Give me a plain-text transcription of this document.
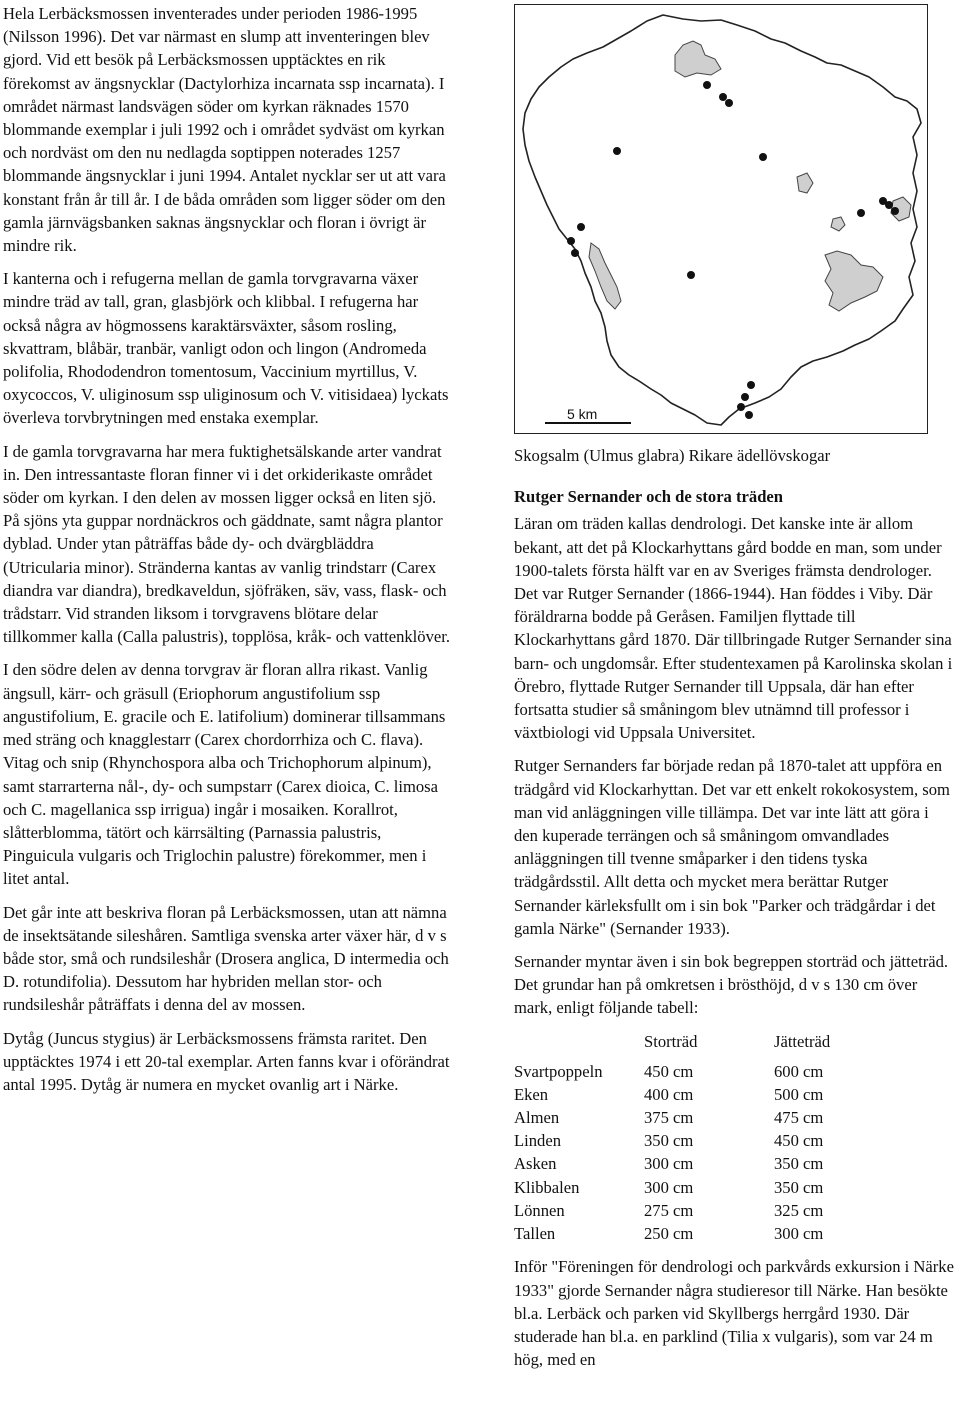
Hela Lerbäcksmossen inventerades under perioden 1986-1995 (Nilsson 1996). Det var närmast en slump att inventeringen blev gjord. Vid ett besök på Lerbäcksmossen upptäcktes en rik förekomst av ängsnycklar (Dactylorhiza incarnata ssp incarnata). I området närmast landsvägen söder om kyrkan räknades 1570 blommande exemplar i juli 1992 och i området sydväst om kyrkan och nordväst om den nu nedlagda soptippen noterades 1257 blommande ängsnycklar i juni 1994. Antalet nycklar ser ut att vara konstant från år till år. I de båda områden som ligger söder om den gamla järnvägsbanken saknas ängsnycklar och floran i övrigt är mindre rik.

I kanterna och i refugerna mellan de gamla torvgravarna växer mindre träd av tall, gran, glasbjörk och klibbal. I refugerna har också några av högmossens karaktärsväxter, såsom rosling, skvattram, blåbär, tranbär, vanligt odon och lingon (Andromeda polifolia, Rhododendron tomentosum, Vaccinium myrtillus, V. oxycoccos, V. uliginosum ssp uliginosum och V. vitisidaea) lyckats överleva torvbrytningen med enstaka exemplar.

I de gamla torvgravarna har mera fuktighetsälskande arter vandrat in. Den intressantaste floran finner vi i det orkiderikaste området söder om kyrkan. I den delen av mossen ligger också en liten sjö. På sjöns yta guppar nordnäckros och gäddnate, samt några plantor dyblad. Under ytan påträffas både dy- och dvärgbläddra (Utricularia minor). Stränderna kantas av vanlig trindstarr (Carex diandra var diandra), bredkaveldun, sjöfräken, säv, vass, flask- och trådstarr. Vid stranden liksom i torvgravens blötare delar tillkommer kalla (Calla palustris), topplösa, kråk- och vattenklöver.

I den södre delen av denna torvgrav är floran allra rikast. Vanlig ängsull, kärr- och gräsull (Eriophorum angustifolium ssp angustifolium, E. gracile och E. latifolium) dominerar tillsammans med sträng och knagglestarr (Carex chordorrhiza och C. flava). Vitag och snip (Rhynchospora alba och Trichophorum alpinum), samt starrarterna nål-, dy- och sumpstarr (Carex dioica, C. limosa och C. magellanica ssp irrigua) ingår i mosaiken. Korallrot, slåtterblomma, tätört och kärrsälting (Parnassia palustris, Pinguicula vulgaris och Triglochin palustre) förekommer, men i litet antal.

Det går inte att beskriva floran på Lerbäcksmossen, utan att nämna de insektsätande sileshåren. Samtliga svenska arter växer här, d v s både stor, små och rundsileshår (Drosera anglica, D intermedia och D. rotundifolia). Dessutom har hybriden mellan stor- och rundsileshår påträffats i denna del av mossen.

Dytåg (Juncus stygius) är Lerbäcksmossens främsta raritet. Den upptäcktes 1974 i ett 20-tal exemplar. Arten fanns kvar i oförändrat antal 1995. Dytåg är numera en mycket ovanlig art i Närke.

5 km

Skogsalm (Ulmus glabra) Rikare ädellövskogar

Rutger Sernander och de stora träden

Läran om träden kallas dendrologi. Det kanske inte är allom bekant, att det på Klockarhyttans gård bodde en man, som under 1900-talets första hälft var en av Sveriges främsta dendrologer. Det var Rutger Sernander (1866-1944). Han föddes i Viby. Där föräldrarna bodde på Geråsen. Familjen flyttade till Klockarhyttans gård 1870. Där tillbringade Rutger Sernander sina barn- och ungdomsår. Efter studentexamen på Karolinska skolan i Örebro, flyttade Rutger Sernander till Uppsala, där han efter fortsatta studier så småningom blev utnämnd till professor i växtbiologi vid Uppsala Universitet.

Rutger Sernanders far började redan på 1870-talet att uppföra en trädgård vid Klockarhyttan. Det var ett enkelt rokokosystem, som man vid anläggningen ville tillämpa. Det var inte lätt att göra i den kuperade terrängen och så småningom omvandlades anläggningen till tvenne småparker i den tidens tyska trädgårdsstil. Allt detta och mycket mera berättar Rutger Sernander kärleksfullt om i sin bok "Parker och trädgårdar i det gamla Närke" (Sernander 1933).

Sernander myntar även i sin bok begreppen storträd och jätteträd. Det grundar han på omkretsen i brösthöjd, d v s 130 cm över mark, enligt följande tabell:

	Storträd	Jätteträd
Svartpoppeln	450 cm	600 cm
Eken	400 cm	500 cm
Almen	375 cm	475 cm
Linden	350 cm	450 cm
Asken	300 cm	350 cm
Klibbalen	300 cm	350 cm
Lönnen	275 cm	325 cm
Tallen	250 cm	300 cm

Inför "Föreningen för dendrologi och parkvårds exkursion i Närke 1933" gjorde Sernander några studieresor till Närke. Han besökte bl.a. Lerbäck och parken vid Skyllbergs herrgård 1930. Där studerade han bl.a. en parklind (Tilia x vulgaris), som var 24 m hög, med en
